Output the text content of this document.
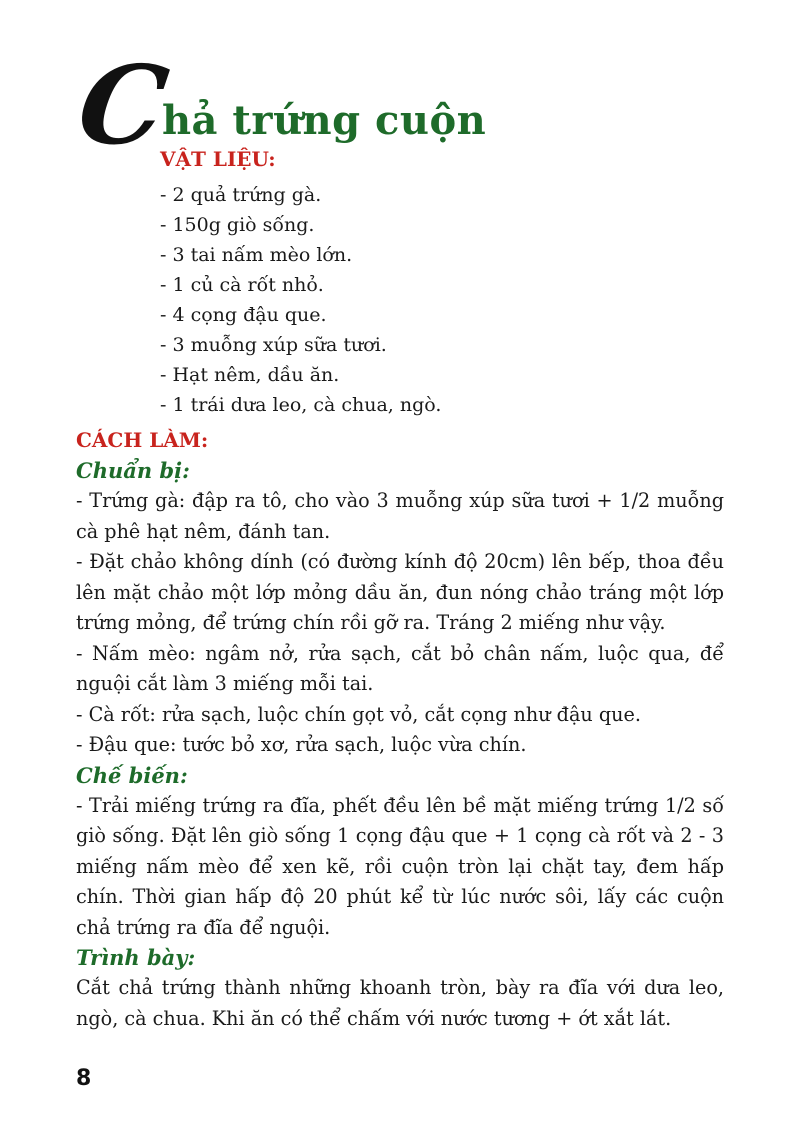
C
hả trứng cuộn

VẬT LIỆU:

- 2 quả trứng gà.

- 150g giò sống.

- 3 tai nấm mèo lớn.

- 1 củ cà rốt nhỏ.

- 4 cọng đậu que.

- 3 muỗng xúp sữa tươi.

- Hạt nêm, dầu ăn.

- 1 trái dưa leo, cà chua, ngò.

CÁCH LÀM:

Chuẩn bị:

- Trứng gà: đập ra tô, cho vào 3 muỗng xúp sữa tươi + 1/2 muỗng cà phê hạt nêm, đánh tan.

- Đặt chảo không dính (có đường kính độ 20cm) lên bếp, thoa đều lên mặt chảo một lớp mỏng dầu ăn, đun nóng chảo tráng một lớp trứng mỏng, để trứng chín rồi gỡ ra. Tráng 2 miếng như vậy.

- Nấm mèo: ngâm nở, rửa sạch, cắt bỏ chân nấm, luộc qua, để nguội cắt làm 3 miếng mỗi tai.

- Cà rốt: rửa sạch, luộc chín gọt vỏ, cắt cọng như đậu que.

- Đậu que: tước bỏ xơ, rửa sạch, luộc vừa chín.

Chế biến:

- Trải miếng trứng ra đĩa, phết đều lên bề mặt miếng trứng 1/2 số giò sống. Đặt lên giò sống 1 cọng đậu que + 1 cọng cà rốt và 2 - 3 miếng nấm mèo để xen kẽ, rồi cuộn tròn lại chặt tay, đem hấp chín. Thời gian hấp độ 20 phút kể từ lúc nước sôi, lấy các cuộn chả trứng ra đĩa để nguội.

Trình bày:

Cắt chả trứng thành những khoanh tròn, bày ra đĩa với dưa leo, ngò, cà chua. Khi ăn có thể chấm với nước tương + ớt xắt lát.

8
